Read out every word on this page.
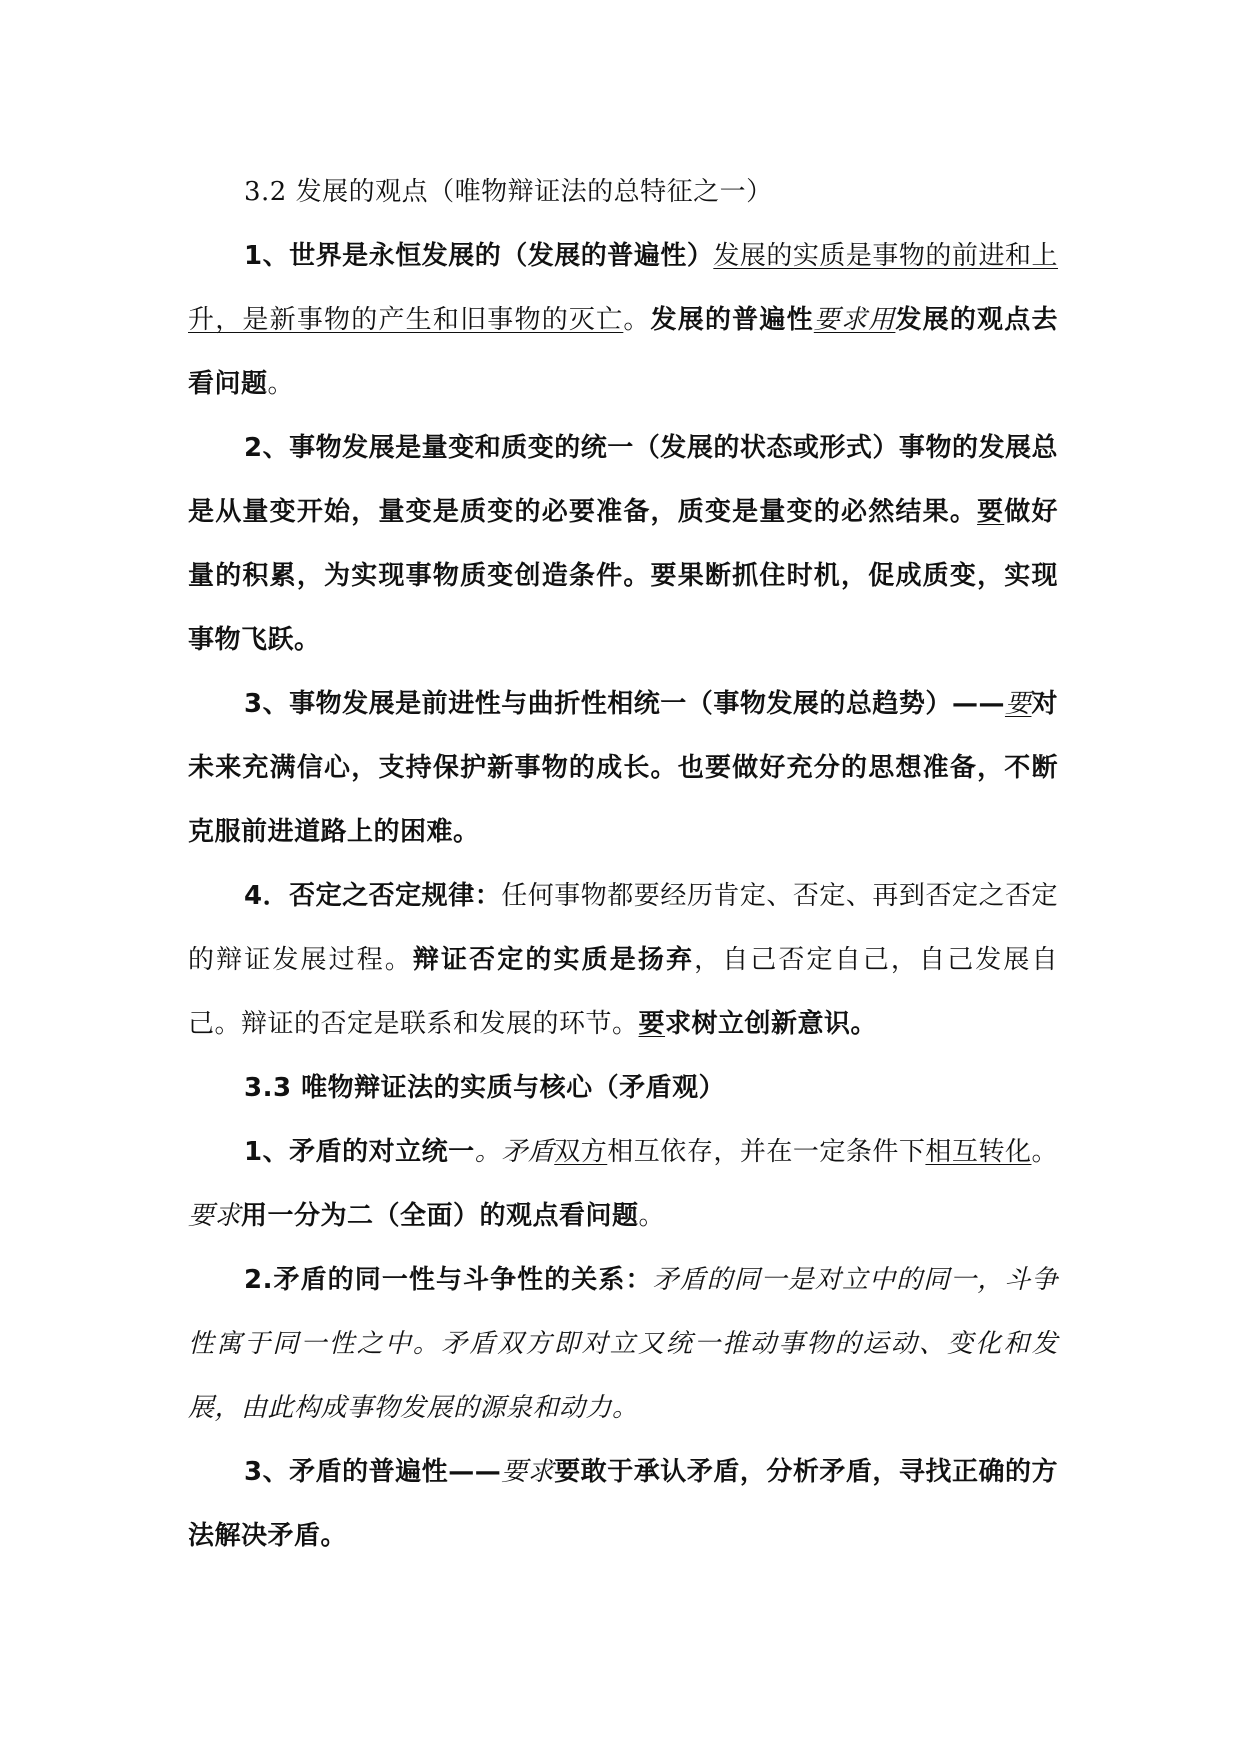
3.2 发展的观点（唯物辩证法的总特征之一）

1、世界是永恒发展的（发展的普遍性）发展的实质是事物的前进和上升，是新事物的产生和旧事物的灭亡。发展的普遍性要求用发展的观点去看问题。

2、事物发展是量变和质变的统一（发展的状态或形式）事物的发展总是从量变开始，量变是质变的必要准备，质变是量变的必然结果。要做好量的积累，为实现事物质变创造条件。要果断抓住时机，促成质变，实现事物飞跃。

3、事物发展是前进性与曲折性相统一（事物发展的总趋势）——要对未来充满信心，支持保护新事物的成长。也要做好充分的思想准备，不断克服前进道路上的困难。

4．否定之否定规律：任何事物都要经历肯定、否定、再到否定之否定的辩证发展过程。辩证否定的实质是扬弃，自己否定自己，自己发展自己。辩证的否定是联系和发展的环节。要求树立创新意识。

3.3 唯物辩证法的实质与核心（矛盾观）

1、矛盾的对立统一。矛盾双方相互依存，并在一定条件下相互转化。要求用一分为二（全面）的观点看问题。

2.矛盾的同一性与斗争性的关系：矛盾的同一是对立中的同一，斗争性寓于同一性之中。矛盾双方即对立又统一推动事物的运动、变化和发展，由此构成事物发展的源泉和动力。

3、矛盾的普遍性——要求要敢于承认矛盾，分析矛盾，寻找正确的方法解决矛盾。
